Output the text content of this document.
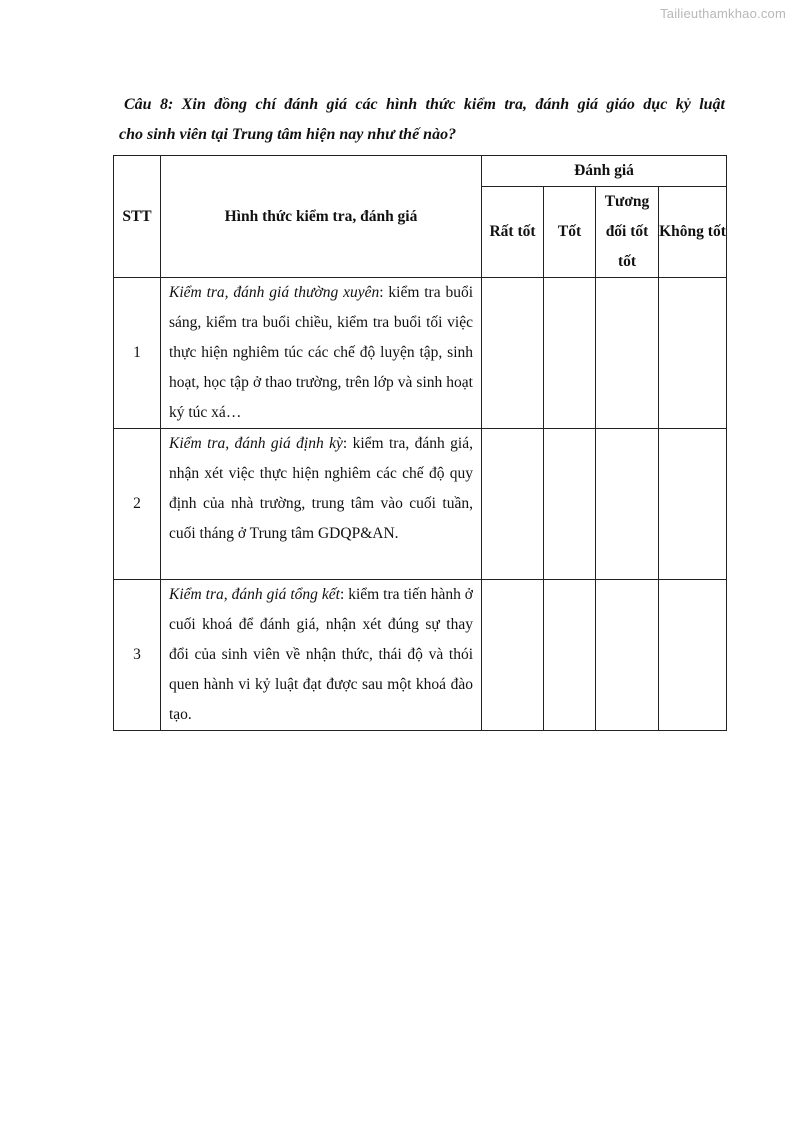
Tailieuthamkhao.com
Câu 8: Xin đồng chí đánh giá các hình thức kiểm tra, đánh giá giáo dục kỷ luật
cho sinh viên tại Trung tâm hiện nay như thế nào?
STT	Hình thức kiểm tra, đánh giá	Đánh giá			
		Rất tốt	Tốt	Tương đối tốt tốt	Không tốt
1	Kiểm tra, đánh giá thường xuyên: kiểm tra buổi sáng, kiểm tra buổi chiều, kiểm tra buổi tối việc thực hiện nghiêm túc các chế độ luyện tập, sinh hoạt, học tập ở thao trường, trên lớp và sinh hoạt ký túc xá…				
2	Kiểm tra, đánh giá định kỳ: kiểm tra, đánh giá, nhận xét việc thực hiện nghiêm các chế độ quy định của nhà trường, trung tâm vào cuối tuần, cuối tháng ở Trung tâm GDQP&AN.				
3	Kiểm tra, đánh giá tổng kết: kiểm tra tiến hành ở cuối khoá để đánh giá, nhận xét đúng sự thay đổi của sinh viên về nhận thức, thái độ và thói quen hành vi kỷ luật đạt được sau một khoá đào tạo.				
